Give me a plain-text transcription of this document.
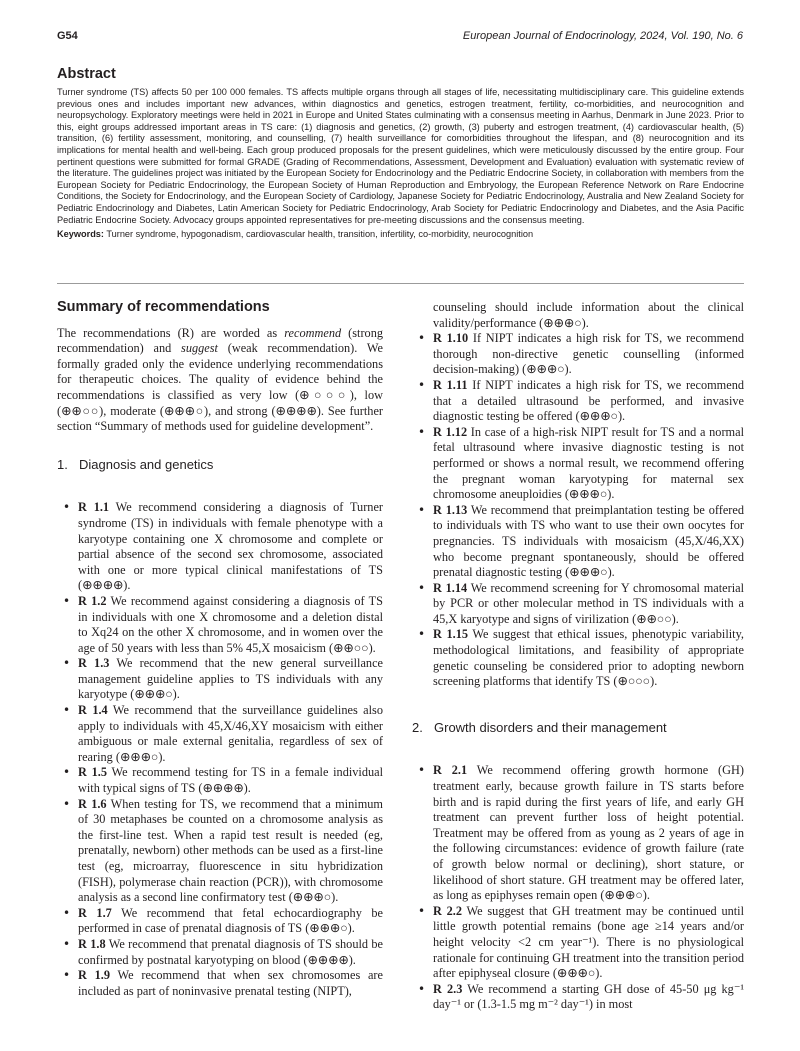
G54	European Journal of Endocrinology, 2024, Vol. 190, No. 6
Abstract

Turner syndrome (TS) affects 50 per 100 000 females. TS affects multiple organs through all stages of life, necessitating multidisciplinary care. This guideline extends previous ones and includes important new advances, within diagnostics and genetics, estrogen treatment, fertility, co-morbidities, and neurocognition and neuropsychology. Exploratory meetings were held in 2021 in Europe and United States culminating with a consensus meeting in Aarhus, Denmark in June 2023. Prior to this, eight groups addressed important areas in TS care: (1) diagnosis and genetics, (2) growth, (3) puberty and estrogen treatment, (4) cardiovascular health, (5) transition, (6) fertility assessment, monitoring, and counselling, (7) health surveillance for comorbidities throughout the lifespan, and (8) neurocognition and its implications for mental health and well-being. Each group produced proposals for the present guidelines, which were meticulously discussed by the entire group. Four pertinent questions were submitted for formal GRADE (Grading of Recommendations, Assessment, Development and Evaluation) evaluation with systematic review of the literature. The guidelines project was initiated by the European Society for Endocrinology and the Pediatric Endocrine Society, in collaboration with members from the European Society for Pediatric Endocrinology, the European Society of Human Reproduction and Embryology, the European Reference Network on Rare Endocrine Conditions, the Society for Endocrinology, and the European Society of Cardiology, Japanese Society for Pediatric Endocrinology, Australia and New Zealand Society for Pediatric Endocrinology and Diabetes, Latin American Society for Pediatric Endocrinology, Arab Society for Pediatric Endocrinology and Diabetes, and the Asia Pacific Pediatric Endocrine Society. Advocacy groups appointed representatives for pre-meeting discussions and the consensus meeting.

Keywords: Turner syndrome, hypogonadism, cardiovascular health, transition, infertility, co-morbidity, neurocognition
Summary of recommendations

The recommendations (R) are worded as recommend (strong recommendation) and suggest (weak recommendation). We formally graded only the evidence underlying recommendations for therapeutic choices. The quality of evidence behind the recommendations is classified as very low (⊕○○○), low (⊕⊕○○), moderate (⊕⊕⊕○), and strong (⊕⊕⊕⊕). See further section “Summary of methods used for guideline development”.

1. Diagnosis and genetics
• R 1.1 We recommend considering a diagnosis of Turner syndrome (TS) in individuals with female phenotype with a karyotype containing one X chromosome and complete or partial absence of the second sex chromosome, associated with one or more typical clinical manifestations of TS (⊕⊕⊕⊕).
• R 1.2 We recommend against considering a diagnosis of TS in individuals with one X chromosome and a deletion distal to Xq24 on the other X chromosome, and in women over the age of 50 years with less than 5% 45,X mosaicism (⊕⊕○○).
• R 1.3 We recommend that the new general surveillance management guideline applies to TS individuals with any karyotype (⊕⊕⊕○).
• R 1.4 We recommend that the surveillance guidelines also apply to individuals with 45,X/46,XY mosaicism with either ambiguous or male external genitalia, regardless of sex of rearing (⊕⊕⊕○).
• R 1.5 We recommend testing for TS in a female individual with typical signs of TS (⊕⊕⊕⊕).
• R 1.6 When testing for TS, we recommend that a minimum of 30 metaphases be counted on a chromosome analysis as the first-line test. When a rapid test result is needed (eg, prenatally, newborn) other methods can be used as a first-line test (eg, microarray, fluorescence in situ hybridization (FISH), polymerase chain reaction (PCR)), with chromosome analysis as a second line confirmatory test (⊕⊕⊕○).
• R 1.7 We recommend that fetal echocardiography be performed in case of prenatal diagnosis of TS (⊕⊕⊕○).
• R 1.8 We recommend that prenatal diagnosis of TS should be confirmed by postnatal karyotyping on blood (⊕⊕⊕⊕).
• R 1.9 We recommend that when sex chromosomes are included as part of noninvasive prenatal testing (NIPT),

counseling should include information about the clinical validity/performance (⊕⊕⊕○).

• R 1.10 If NIPT indicates a high risk for TS, we recommend thorough non-directive genetic counselling (informed decision-making) (⊕⊕⊕○).
• R 1.11 If NIPT indicates a high risk for TS, we recommend that a detailed ultrasound be performed, and invasive diagnostic testing be offered (⊕⊕⊕○).
• R 1.12 In case of a high-risk NIPT result for TS and a normal fetal ultrasound where invasive diagnostic testing is not performed or shows a normal result, we recommend offering the pregnant woman karyotyping for maternal sex chromosome aneuploidies (⊕⊕⊕○).
• R 1.13 We recommend that preimplantation testing be offered to individuals with TS who want to use their own oocytes for pregnancies. TS individuals with mosaicism (45,X/46,XX) who become pregnant spontaneously, should be offered prenatal diagnostic testing (⊕⊕⊕○).
• R 1.14 We recommend screening for Y chromosomal material by PCR or other molecular method in TS individuals with a 45,X karyotype and signs of virilization (⊕⊕○○).
• R 1.15 We suggest that ethical issues, phenotypic variability, methodological limitations, and feasibility of appropriate genetic counseling be considered prior to adopting newborn screening platforms that identify TS (⊕○○○).
2. Growth disorders and their management
• R 2.1 We recommend offering growth hormone (GH) treatment early, because growth failure in TS starts before birth and is rapid during the first years of life, and early GH treatment can prevent further loss of height potential. Treatment may be offered from as young as 2 years of age in the following circumstances: evidence of growth failure (rate of growth below normal or declining), short stature, or likelihood of short stature. GH treatment may be offered later, as long as epiphyses remain open (⊕⊕⊕○).
• R 2.2 We suggest that GH treatment may be continued until little growth potential remains (bone age ≥14 years and/or height velocity <2 cm year⁻¹). There is no physiological rationale for continuing GH treatment into the transition period after epiphyseal closure (⊕⊕⊕○).
• R 2.3 We recommend a starting GH dose of 45-50 μg kg⁻¹ day⁻¹ or (1.3-1.5 mg m⁻² day⁻¹) in most
